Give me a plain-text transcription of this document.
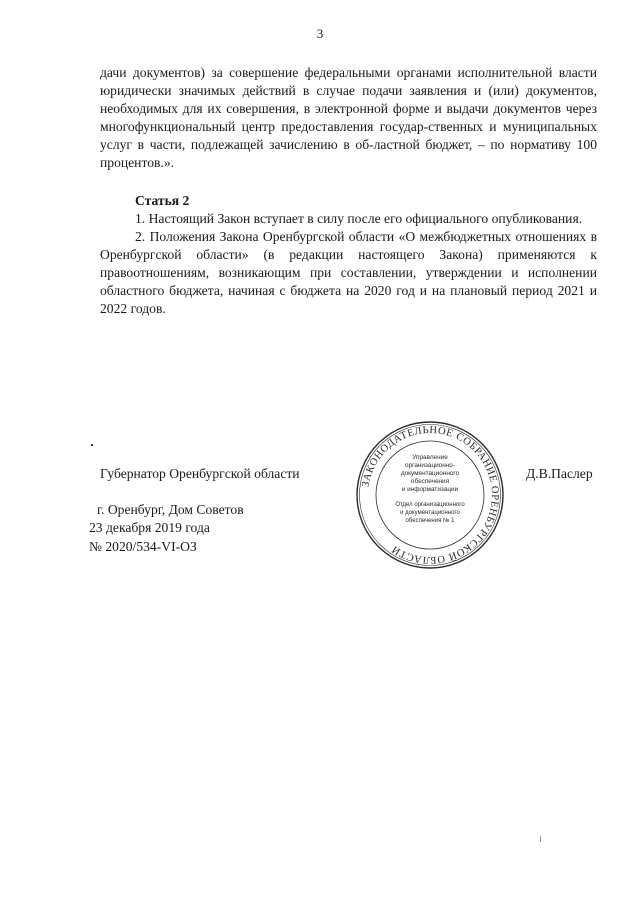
3

дачи документов) за совершение федеральными органами исполнительной власти юридически значимых действий в случае подачи заявления и (или) документов, необходимых для их совершения, в электронной форме и выдачи документов через многофункциональный центр предоставления государ-ственных и муниципальных услуг в части, подлежащей зачислению в об-ластной бюджет, – по нормативу 100 процентов.».

Статья 2

1. Настоящий Закон вступает в силу после его официального опубликования.

2. Положения Закона Оренбургской области «О межбюджетных отношениях в Оренбургской области» (в редакции настоящего Закона) применяются к правоотношениям, возникающим при составлении, утверждении и исполнении областного бюджета, начиная с бюджета на 2020 год и на плановый период 2021 и 2022 годов.

Губернатор Оренбургской области	Д.В.Паслер
г. Оренбург, Дом Советов
23 декабря 2019 года
№ 2020/534-VI-ОЗ
ЗАКОНОДАТЕЛЬНОЕ СОБРАНИЕ ОРЕНБУРГСКОЙ ОБЛАСТИ
Управление
организационно-
документационного
обеспечения
и информатизации
Отдел организационного
и документационного
обеспечения № 1
